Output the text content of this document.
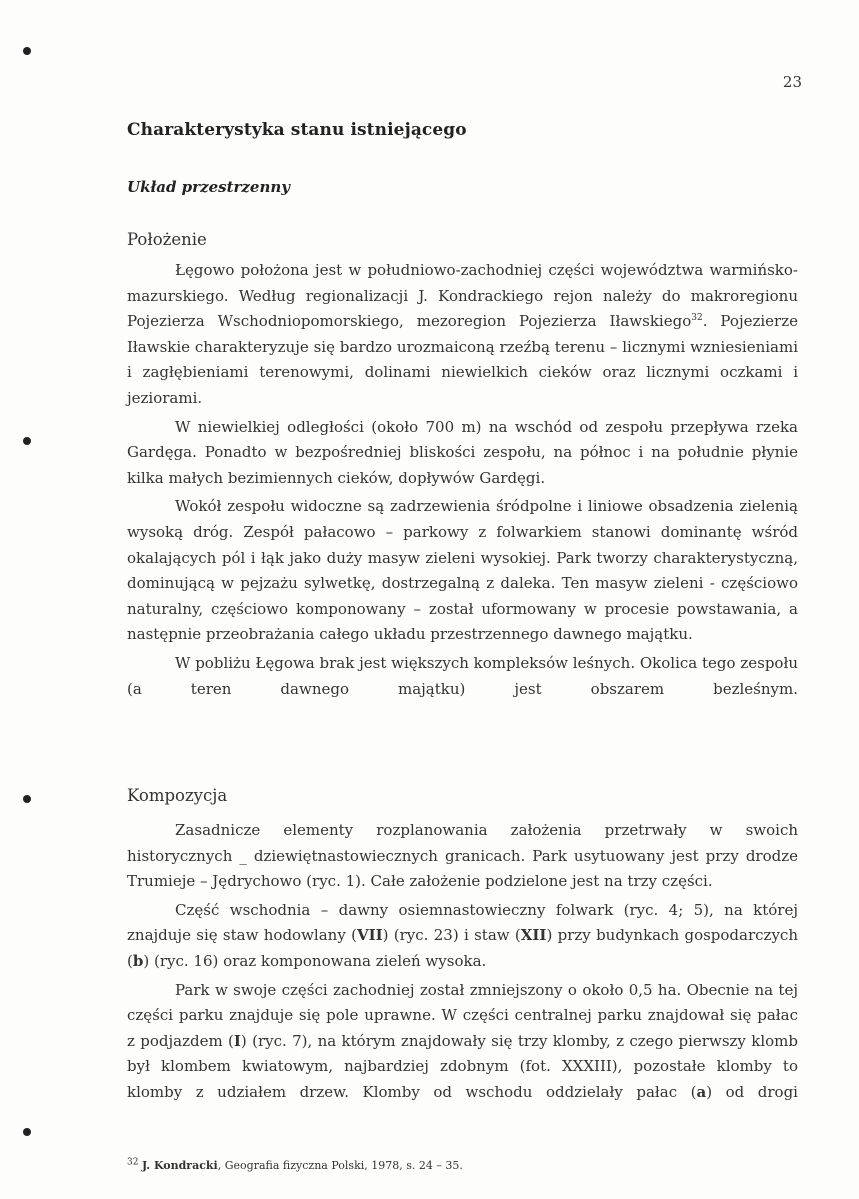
23
Charakterystyka stanu istniejącego
Układ przestrzenny
Położenie

Łęgowo położona jest w południowo-zachodniej części województwa warmińsko-mazurskiego. Według regionalizacji J. Kondrackiego rejon należy do makroregionu Pojezierza Wschodniopomorskiego, mezoregion Pojezierza Iławskiego$^{32}$. Pojezierze Iławskie charakteryzuje się bardzo urozmaiconą rzeźbą terenu – licznymi wzniesieniami i zagłębieniami terenowymi, dolinami niewielkich cieków oraz licznymi oczkami i jeziorami.

W niewielkiej odległości (około 700 m) na wschód od zespołu przepływa rzeka Gardęga. Ponadto w bezpośredniej bliskości zespołu, na północ i na południe płynie kilka małych bezimiennych cieków, dopływów Gardęgi.

Wokół zespołu widoczne są zadrzewienia śródpolne i liniowe obsadzenia zielenią wysoką dróg. Zespół pałacowo – parkowy z folwarkiem stanowi dominantę wśród okalających pól i łąk jako duży masyw zieleni wysokiej. Park tworzy charakterystyczną, dominującą w pejzażu sylwetkę, dostrzegalną z daleka. Ten masyw zieleni - częściowo naturalny, częściowo komponowany – został uformowany w procesie powstawania, a następnie przeobrażania całego układu przestrzennego dawnego majątku.

W pobliżu Łęgowa brak jest większych kompleksów leśnych. Okolica tego zespołu (a teren dawnego majątku) jest obszarem bezleśnym.

Kompozycja

Zasadnicze elementy rozplanowania założenia przetrwały w swoich historycznych _ dziewiętnastowiecznych granicach. Park usytuowany jest przy drodze Trumieje – Jędrychowo (ryc. 1). Całe założenie podzielone jest na trzy części.

Część wschodnia – dawny osiemnastowieczny folwark (ryc. 4; 5), na której znajduje się staw hodowlany (VII) (ryc. 23) i staw (XII) przy budynkach gospodarczych (b) (ryc. 16) oraz komponowana zieleń wysoka.

Park w swoje części zachodniej został zmniejszony o około 0,5 ha. Obecnie na tej części parku znajduje się pole uprawne. W części centralnej parku znajdował się pałac z podjazdem (I) (ryc. 7), na którym znajdowały się trzy klomby, z czego pierwszy klomb był klombem kwiatowym, najbardziej zdobnym (fot. XXXIII), pozostałe klomby to klomby z udziałem drzew. Klomby od wschodu oddzielały pałac (a) od drogi

$^{32}$ J. Kondracki, Geografia fizyczna Polski, 1978, s. 24 – 35.
